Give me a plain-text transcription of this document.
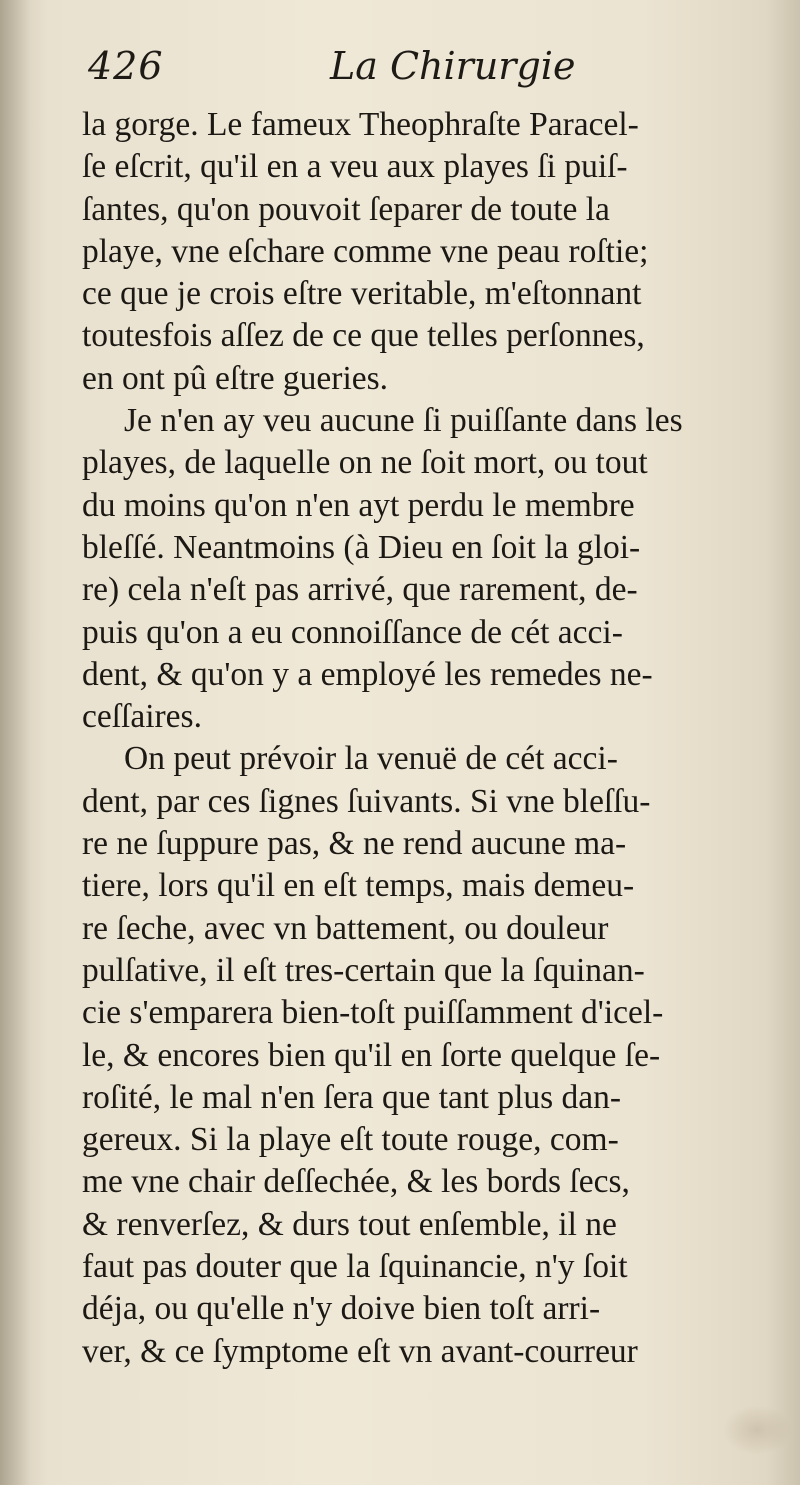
426	La Chirurgie
la gorge. Le fameux Theophraſte Paracel-
ſe eſcrit, qu'il en a veu aux playes ſi puiſ-
ſantes, qu'on pouvoit ſeparer de toute la
playe, vne eſchare comme vne peau roſtie;
ce que je crois eſtre veritable, m'eſtonnant
toutesfois aſſez de ce que telles perſonnes,
en ont pû eſtre gueries.
Je n'en ay veu aucune ſi puiſſante dans les
playes, de laquelle on ne ſoit mort, ou tout
du moins qu'on n'en ayt perdu le membre
bleſſé. Neantmoins (à Dieu en ſoit la gloi-
re) cela n'eſt pas arrivé, que rarement, de-
puis qu'on a eu connoiſſance de cét acci-
dent, & qu'on y a employé les remedes ne-
ceſſaires.
On peut prévoir la venuë de cét acci-
dent, par ces ſignes ſuivants. Si vne bleſſu-
re ne ſuppure pas, & ne rend aucune ma-
tiere, lors qu'il en eſt temps, mais demeu-
re ſeche, avec vn battement, ou douleur
pulſative, il eſt tres-certain que la ſquinan-
cie s'emparera bien-toſt puiſſamment d'icel-
le, & encores bien qu'il en ſorte quelque ſe-
roſité, le mal n'en ſera que tant plus dan-
gereux. Si la playe eſt toute rouge, com-
me vne chair deſſechée, & les bords ſecs,
& renverſez, & durs tout enſemble, il ne
faut pas douter que la ſquinancie, n'y ſoit
déja, ou qu'elle n'y doive bien toſt arri-
ver, & ce ſymptome eſt vn avant-courreur
